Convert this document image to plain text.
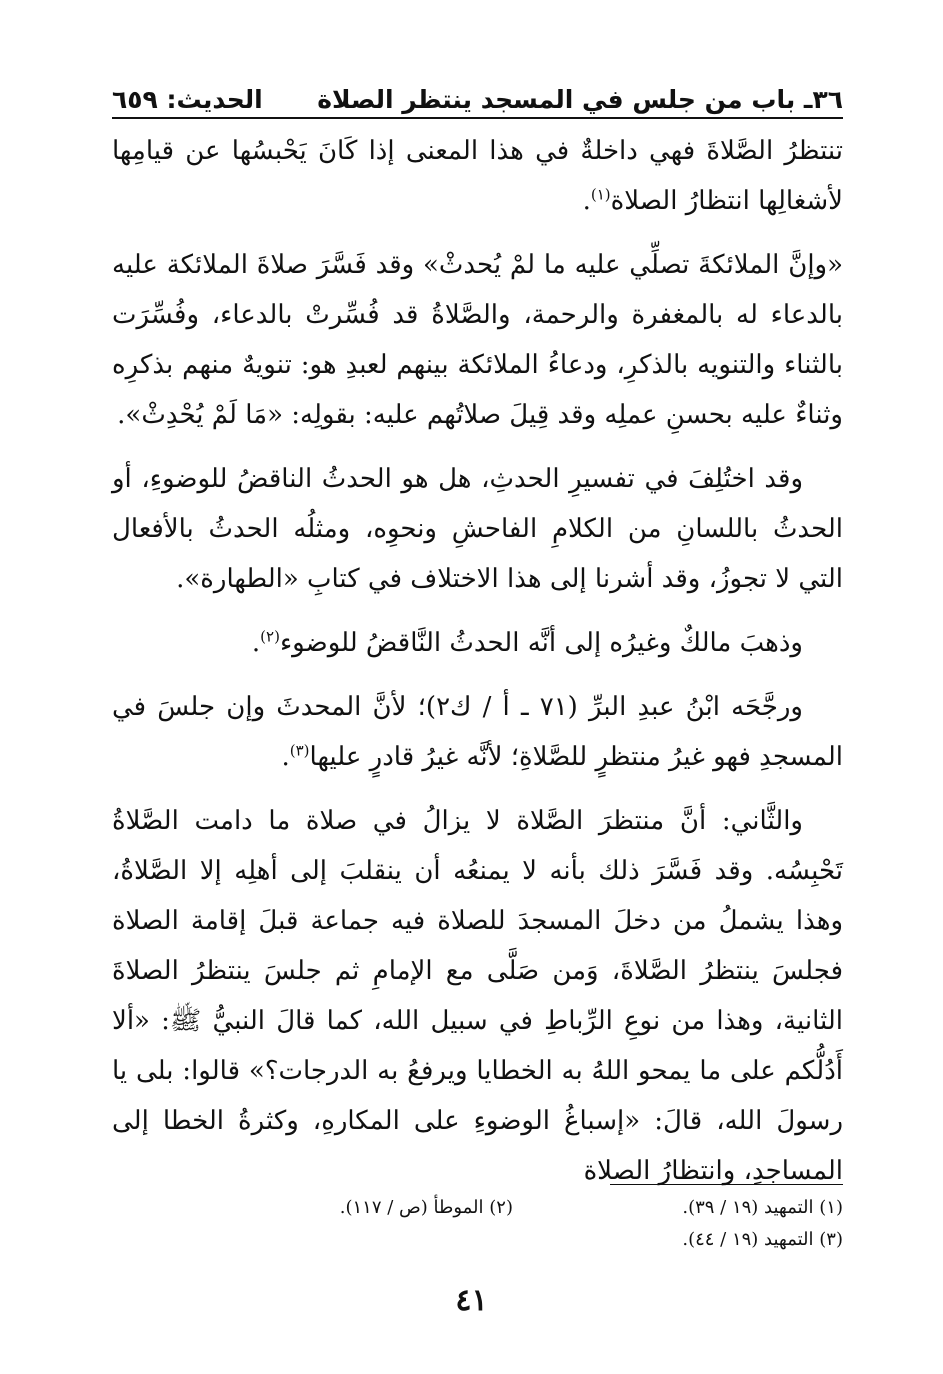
٣٦ـ باب من جلس في المسجد ينتظر الصلاة
الحديث: ٦٥٩

تنتظرُ الصَّلاةَ فهي داخلةٌ في هذا المعنى إذا كَانَ يَحْبسُها عن قيامِها لأشغالِها انتظارُ الصلاة$^{(١)}$.

«وإنَّ الملائكةَ تصلِّي عليه ما لمْ يُحدثْ» وقد فَسَّرَ صلاةَ الملائكة عليه بالدعاء له بالمغفرة والرحمة، والصَّلاةُ قد فُسِّرتْ بالدعاء، وفُسِّرَت بالثناء والتنويه بالذكرِ، ودعاءُ الملائكة بينهم لعبدِ هو: تنويهٌ منهم بذكرِه وثناءٌ عليه بحسنِ عملِه وقد قِيلَ صلاتُهم عليه: بقولِه: «مَا لَمْ يُحْدِثْ».

وقد اختُلِفَ في تفسيرِ الحدثِ، هل هو الحدثُ الناقضُ للوضوءِ، أو الحدثُ باللسانِ من الكلامِ الفاحشِ ونحوِه، ومثلُه الحدثُ بالأفعال التي لا تجوزُ، وقد أشرنا إلى هذا الاختلاف في كتابِ «الطهارة».

وذهبَ مالكٌ وغيرُه إلى أنَّه الحدثُ النَّاقضُ للوضوء$^{(٢)}$.

ورجَّحَه ابْنُ عبدِ البرِّ (٧١ ـ أ / ك٢)؛ لأنَّ المحدثَ وإن جلسَ في المسجدِ فهو غيرُ منتظرٍ للصَّلاةِ؛ لأنَّه غيرُ قادرٍ عليها$^{(٣)}$.

والثَّاني: أنَّ منتظرَ الصَّلاة لا يزالُ في صلاة ما دامت الصَّلاةُ تَحْبِسُه. وقد فَسَّرَ ذلك بأنه لا يمنعُه أن ينقلبَ إلى أهلِه إلا الصَّلاةُ، وهذا يشملُ من دخلَ المسجدَ للصلاة فيه جماعة قبلَ إقامة الصلاة فجلسَ ينتظرُ الصَّلاةَ، وَمن صَلَّى مع الإمامِ ثم جلسَ ينتظرُ الصلاةَ الثانية، وهذا من نوعِ الرِّباطِ في سبيل الله، كما قالَ النبيُّ ﷺ: «ألا أَدُلُّكم على ما يمحو اللهُ به الخطايا ويرفعُ به الدرجات؟» قالوا: بلى يا رسولَ الله، قالَ: «إسباغُ الوضوءِ على المكارهِ، وكثرةُ الخطا إلى المساجدِ، وانتظارُ الصلاة

(١) التمهيد (١٩ / ٣٩).
(٢) الموطأ (ص / ١١٧).
(٣) التمهيد (١٩ / ٤٤).
٤١
